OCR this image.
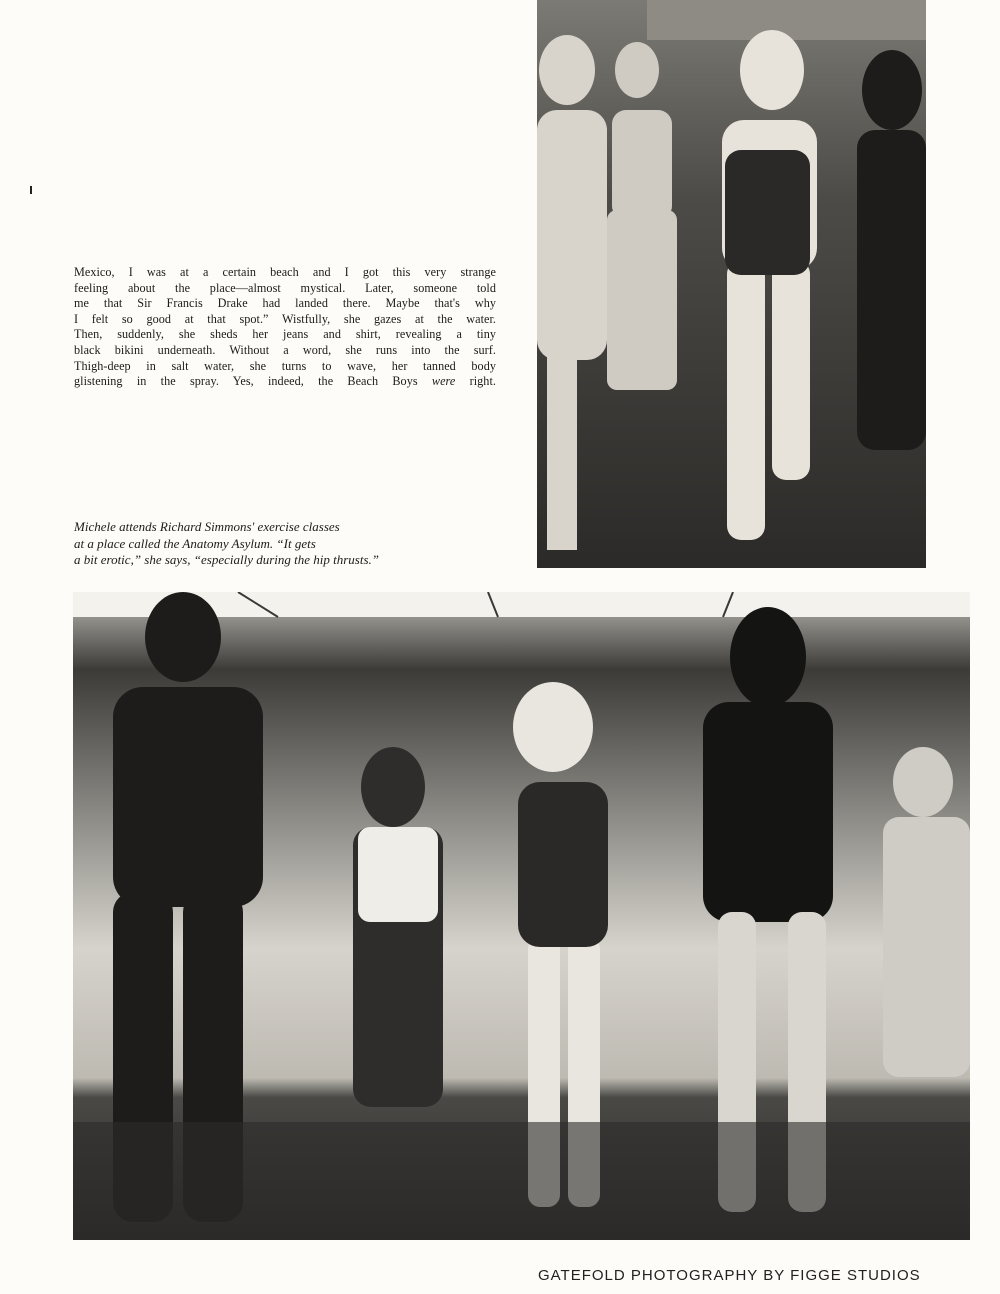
Mexico, I was at a certain beach and I got this very strange
feeling about the place—almost mystical. Later, someone told
me that Sir Francis Drake had landed there. Maybe that's why
I felt so good at that spot.” Wistfully, she gazes at the water.
Then, suddenly, she sheds her jeans and shirt, revealing a tiny
black bikini underneath. Without a word, she runs into the surf.
Thigh-deep in salt water, she turns to wave, her tanned body
glistening in the spray. Yes, indeed, the Beach Boys were right.
Michele attends Richard Simmons' exercise classes
at a place called the Anatomy Asylum. “It gets
a bit erotic,” she says, “especially during the hip thrusts.”
GATEFOLD PHOTOGRAPHY BY FIGGE STUDIOS
